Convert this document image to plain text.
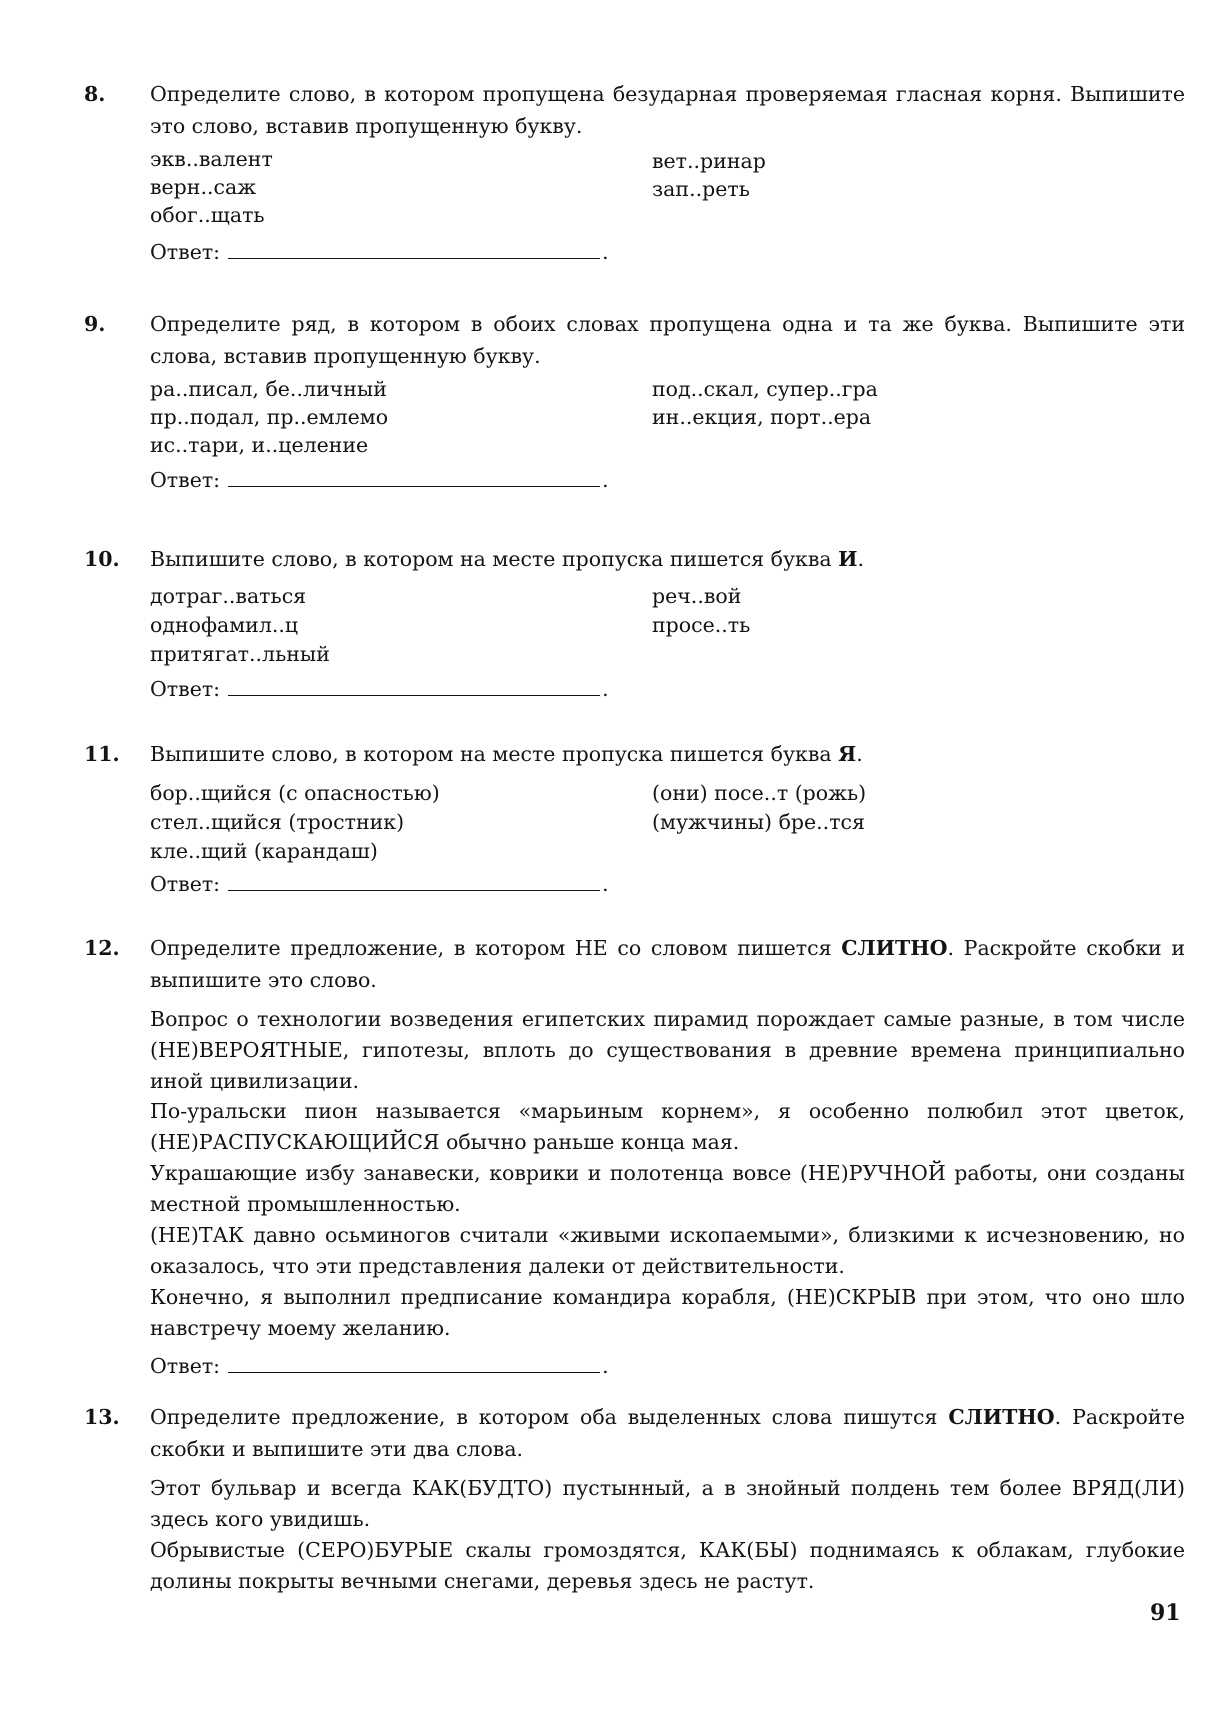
8. Определите слово, в котором пропущена безударная проверяемая гласная корня. Выпишите это слово, вставив пропущенную букву.
экв..валент
верн..саж
обог..щать
вет..ринар
зап..реть
Ответ:	.
9. Определите ряд, в котором в обоих словах пропущена одна и та же буква. Выпишите эти слова, вставив пропущенную букву.
ра..писал, бе..личный
пр..подал, пр..емлемо
ис..тари, и..целение
под..скал, супер..гра
ин..екция, порт..ера
Ответ:	.
10. Выпишите слово, в котором на месте пропуска пишется буква И.
дотраг..ваться
однофамил..ц
притягат..льный
реч..вой
просе..ть
Ответ:	.
11. Выпишите слово, в котором на месте пропуска пишется буква Я.
бор..щийся (с опасностью)
стел..щийся (тростник)
кле..щий (карандаш)
(они) посе..т (рожь)
(мужчины) бре..тся
Ответ:	.
12. Определите предложение, в котором НЕ со словом пишется СЛИТНО. Раскройте скобки и выпишите это слово.
Вопрос о технологии возведения египетских пирамид порождает самые разные, в том числе (НЕ)ВЕРОЯТНЫЕ, гипотезы, вплоть до существования в древние времена принципиально иной цивилизации.
По-уральски пион называется «марьиным корнем», я особенно полюбил этот цветок, (НЕ)РАСПУСКАЮЩИЙСЯ обычно раньше конца мая.
Украшающие избу занавески, коврики и полотенца вовсе (НЕ)РУЧНОЙ работы, они созданы местной промышленностью.
(НЕ)ТАК давно осьминогов считали «живыми ископаемыми», близкими к исчезновению, но оказалось, что эти представления далеки от действительности.
Конечно, я выполнил предписание командира корабля, (НЕ)СКРЫВ при этом, что оно шло навстречу моему желанию.
Ответ:	.
13. Определите предложение, в котором оба выделенных слова пишутся СЛИТНО. Раскройте скобки и выпишите эти два слова.
Этот бульвар и всегда КАК(БУДТО) пустынный, а в знойный полдень тем более ВРЯД(ЛИ) здесь кого увидишь.
Обрывистые (СЕРО)БУРЫЕ скалы громоздятся, КАК(БЫ) поднимаясь к облакам, глубокие долины покрыты вечными снегами, деревья здесь не растут.
91
